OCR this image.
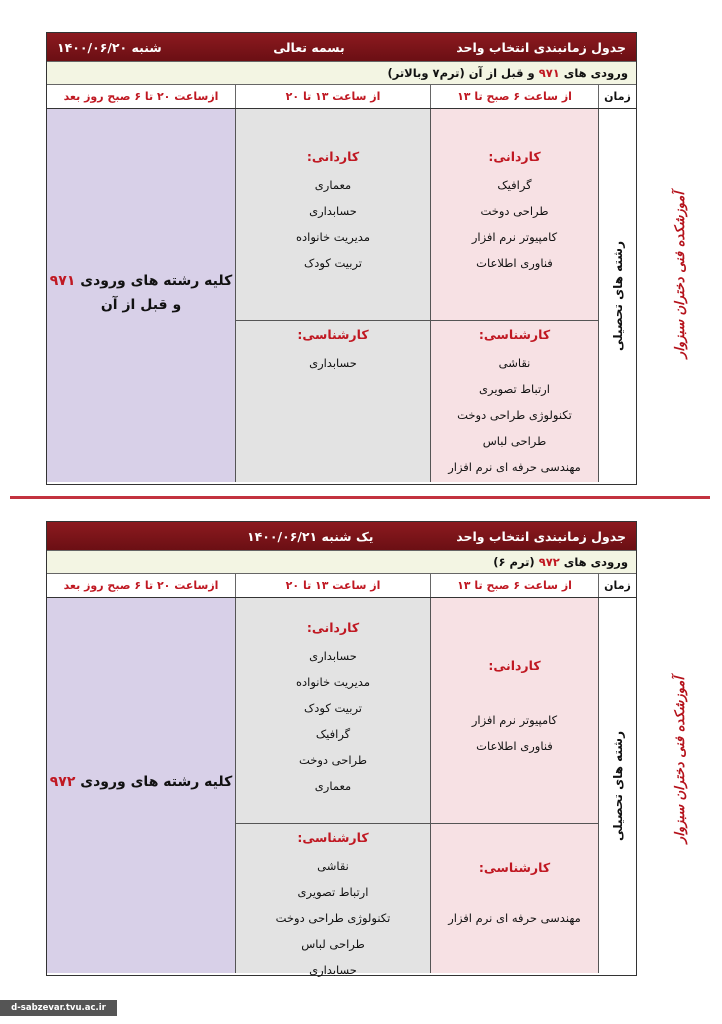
جدول زمانبندی انتخاب واحد
بسمه تعالی
شنبه ۱۴۰۰/۰۶/۲۰
ورودی های

۹۷۱

و قبل از آن (ترم۷ وبالاتر)
زمان
از ساعت ۶ صبح تا ۱۳
از ساعت ۱۳ تا ۲۰
ازساعت ۲۰ تا ۶ صبح روز بعد
رشته های تحصیلی
کاردانی:
گرافیک
طراحی دوخت
کامپیوتر نرم افزار
فناوری اطلاعات
کارشناسی:
نقاشی
ارتباط تصویری
تکنولوژی طراحی دوخت
طراحی لباس
مهندسی حرفه ای نرم افزار
کاردانی:
معماری
حسابداری
مدیریت خانواده
تربیت کودک
کارشناسی:
حسابداری
کلیه رشته های ورودی ۹۷۱
و قبل از آن	آموزشکده فنی دختران سبزوار
جدول زمانبندی انتخاب واحد
یک شنبه ۱۴۰۰/۰۶/۲۱
ورودی های

۹۷۲

(ترم ۶)
زمان
از ساعت ۶ صبح تا ۱۳
از ساعت ۱۳ تا ۲۰
ازساعت ۲۰ تا ۶ صبح روز بعد
رشته های تحصیلی
کاردانی:
کامپیوتر نرم افزار
فناوری اطلاعات
کارشناسی:
مهندسی حرفه ای نرم افزار
کاردانی:
حسابداری
مدیریت خانواده
تربیت کودک
گرافیک
طراحی دوخت
معماری
کارشناسی:
نقاشی
ارتباط تصویری
تکنولوژی طراحی دوخت
طراحی لباس
حسابداری
کلیه رشته های ورودی ۹۷۲	آموزشکده فنی دختران سبزوار
d-sabzevar.tvu.ac.ir
